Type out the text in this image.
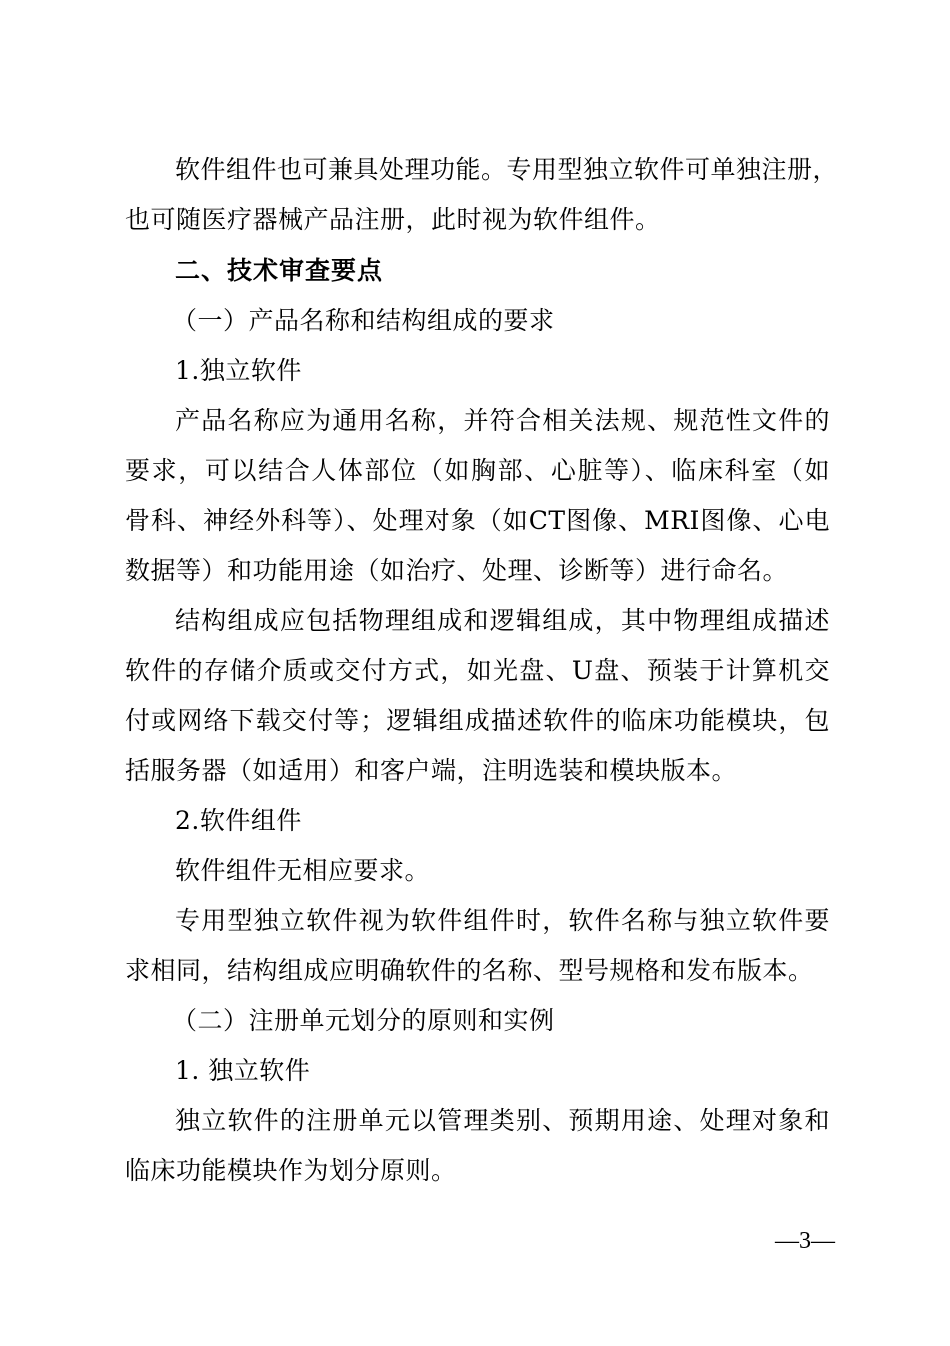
软件组件也可兼具处理功能。专用型独立软件可单独注册，
也可随医疗器械产品注册，此时视为软件组件。
二、技术审查要点
（一）产品名称和结构组成的要求
1.独立软件
产品名称应为通用名称，并符合相关法规、规范性文件的
要求，可以结合人体部位（如胸部、心脏等）、临床科室（如
骨科、神经外科等）、处理对象（如CT图像、MRI图像、心电
数据等）和功能用途（如治疗、处理、诊断等）进行命名。
结构组成应包括物理组成和逻辑组成，其中物理组成描述
软件的存储介质或交付方式，如光盘、U盘、预装于计算机交
付或网络下载交付等；逻辑组成描述软件的临床功能模块，包
括服务器（如适用）和客户端，注明选装和模块版本。
2.软件组件
软件组件无相应要求。
专用型独立软件视为软件组件时，软件名称与独立软件要
求相同，结构组成应明确软件的名称、型号规格和发布版本。
（二）注册单元划分的原则和实例
1. 独立软件
独立软件的注册单元以管理类别、预期用途、处理对象和
临床功能模块作为划分原则。
—3—
